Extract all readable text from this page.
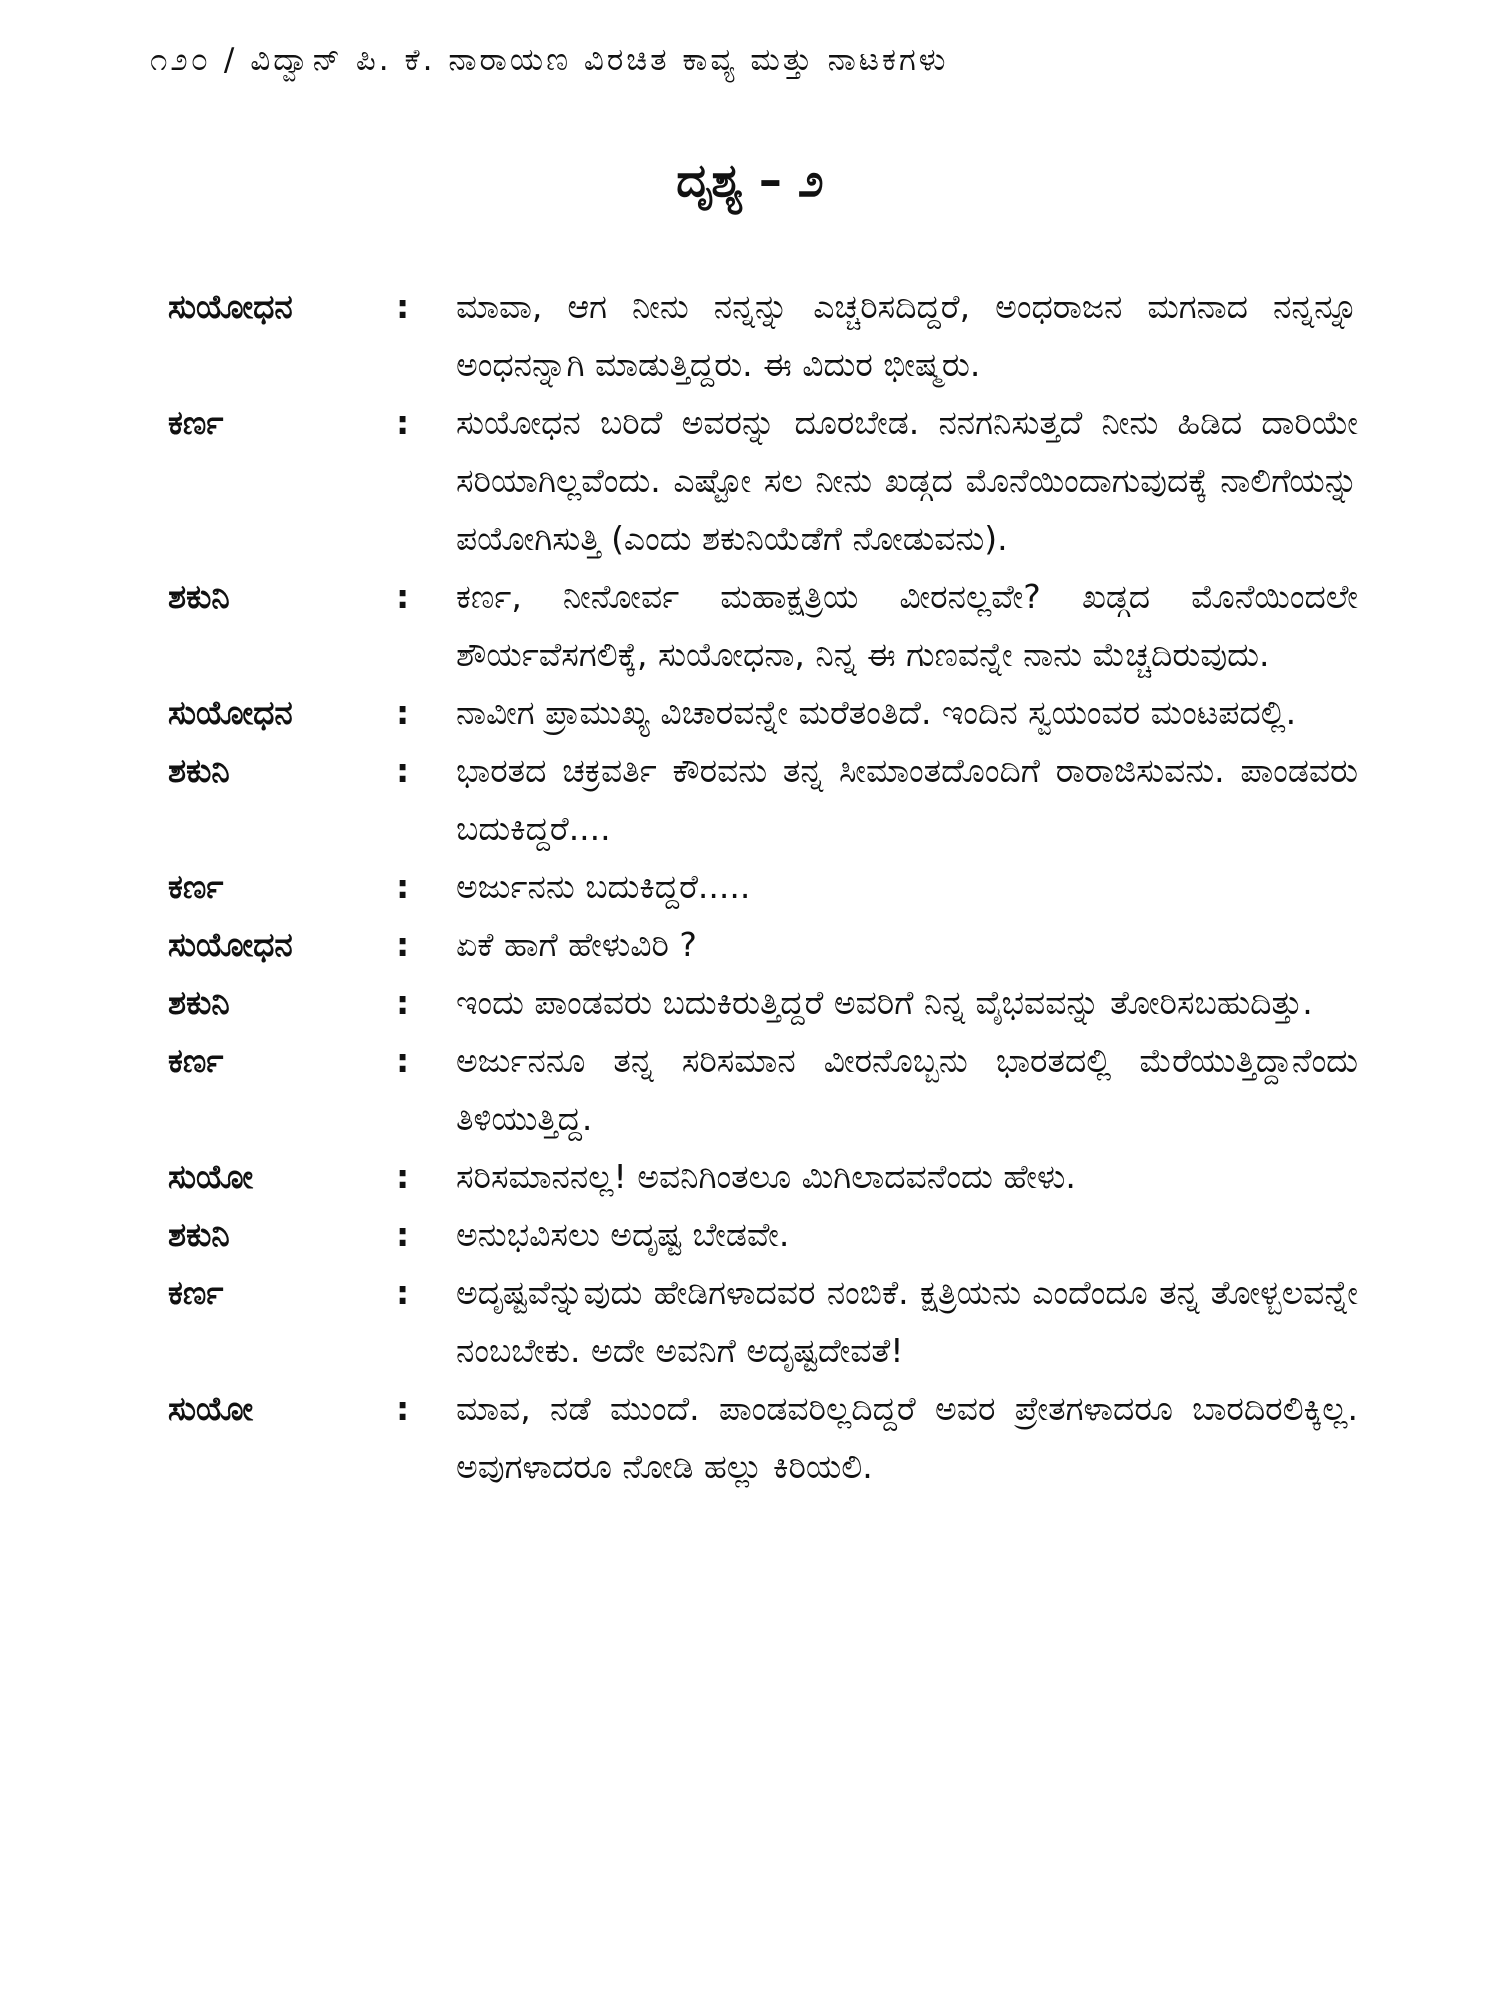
೧೨೦ / ವಿದ್ವಾನ್ ಪಿ. ಕೆ. ನಾರಾಯಣ ವಿರಚಿತ ಕಾವ್ಯ ಮತ್ತು ನಾಟಕಗಳು
ದೃಶ್ಯ – ೨
ಸುಯೋಧನ	:	ಮಾವಾ, ಆಗ ನೀನು ನನ್ನನ್ನು ಎಚ್ಚರಿಸದಿದ್ದರೆ, ಅಂಧರಾಜನ ಮಗನಾದ ನನ್ನನ್ನೂ ಅಂಧನನ್ನಾಗಿ ಮಾಡುತ್ತಿದ್ದರು. ಈ ವಿದುರ ಭೀಷ್ಮರು.
ಕರ್ಣ	:	ಸುಯೋಧನ ಬರಿದೆ ಅವರನ್ನು ದೂರಬೇಡ. ನನಗನಿಸುತ್ತದೆ ನೀನು ಹಿಡಿದ ದಾರಿಯೇ ಸರಿಯಾಗಿಲ್ಲವೆಂದು. ಎಷ್ಟೋ ಸಲ ನೀನು ಖಡ್ಗದ ಮೊನೆಯಿಂದಾಗುವುದಕ್ಕೆ ನಾಲಿಗೆಯನ್ನು ಪಯೋಗಿಸುತ್ತಿ (ಎಂದು ಶಕುನಿಯೆಡೆಗೆ ನೋಡುವನು).
ಶಕುನಿ	:	ಕರ್ಣ, ನೀನೋರ್ವ ಮಹಾಕ್ಷತ್ರಿಯ ವೀರನಲ್ಲವೇ? ಖಡ್ಗದ ಮೊನೆಯಿಂದಲೇ ಶೌರ್ಯವೆಸಗಲಿಕ್ಕೆ, ಸುಯೋಧನಾ, ನಿನ್ನ ಈ ಗುಣವನ್ನೇ ನಾನು ಮೆಚ್ಚದಿರುವುದು.
ಸುಯೋಧನ	:	ನಾವೀಗ ಪ್ರಾಮುಖ್ಯ ವಿಚಾರವನ್ನೇ ಮರೆತಂತಿದೆ. ಇಂದಿನ ಸ್ವಯಂವರ ಮಂಟಪದಲ್ಲಿ.
ಶಕುನಿ	:	ಭಾರತದ ಚಕ್ರವರ್ತಿ ಕೌರವನು ತನ್ನ ಸೀಮಾಂತದೊಂದಿಗೆ ರಾರಾಜಿಸುವನು. ಪಾಂಡವರು ಬದುಕಿದ್ದರೆ....
ಕರ್ಣ	:	ಅರ್ಜುನನು ಬದುಕಿದ್ದರೆ.....
ಸುಯೋಧನ	:	ಏಕೆ ಹಾಗೆ ಹೇಳುವಿರಿ ?
ಶಕುನಿ	:	ಇಂದು ಪಾಂಡವರು ಬದುಕಿರುತ್ತಿದ್ದರೆ ಅವರಿಗೆ ನಿನ್ನ ವೈಭವವನ್ನು ತೋರಿಸಬಹುದಿತ್ತು.
ಕರ್ಣ	:	ಅರ್ಜುನನೂ ತನ್ನ ಸರಿಸಮಾನ ವೀರನೊಬ್ಬನು ಭಾರತದಲ್ಲಿ ಮೆರೆಯುತ್ತಿದ್ದಾನೆಂದು ತಿಳಿಯುತ್ತಿದ್ದ.
ಸುಯೋ	:	ಸರಿಸಮಾನನಲ್ಲ! ಅವನಿಗಿಂತಲೂ ಮಿಗಿಲಾದವನೆಂದು ಹೇಳು.
ಶಕುನಿ	:	ಅನುಭವಿಸಲು ಅದೃಷ್ಟ ಬೇಡವೇ.
ಕರ್ಣ	:	ಅದೃಷ್ಟವೆನ್ನುವುದು ಹೇಡಿಗಳಾದವರ ನಂಬಿಕೆ. ಕ್ಷತ್ರಿಯನು ಎಂದೆಂದೂ ತನ್ನ ತೋಳ್ಬಲವನ್ನೇ ನಂಬಬೇಕು. ಅದೇ ಅವನಿಗೆ ಅದೃಷ್ಟದೇವತೆ!
ಸುಯೋ	:	ಮಾವ, ನಡೆ ಮುಂದೆ. ಪಾಂಡವರಿಲ್ಲದಿದ್ದರೆ ಅವರ ಪ್ರೇತಗಳಾದರೂ ಬಾರದಿರಲಿಕ್ಕಿಲ್ಲ. ಅವುಗಳಾದರೂ ನೋಡಿ ಹಲ್ಲು ಕಿರಿಯಲಿ.
